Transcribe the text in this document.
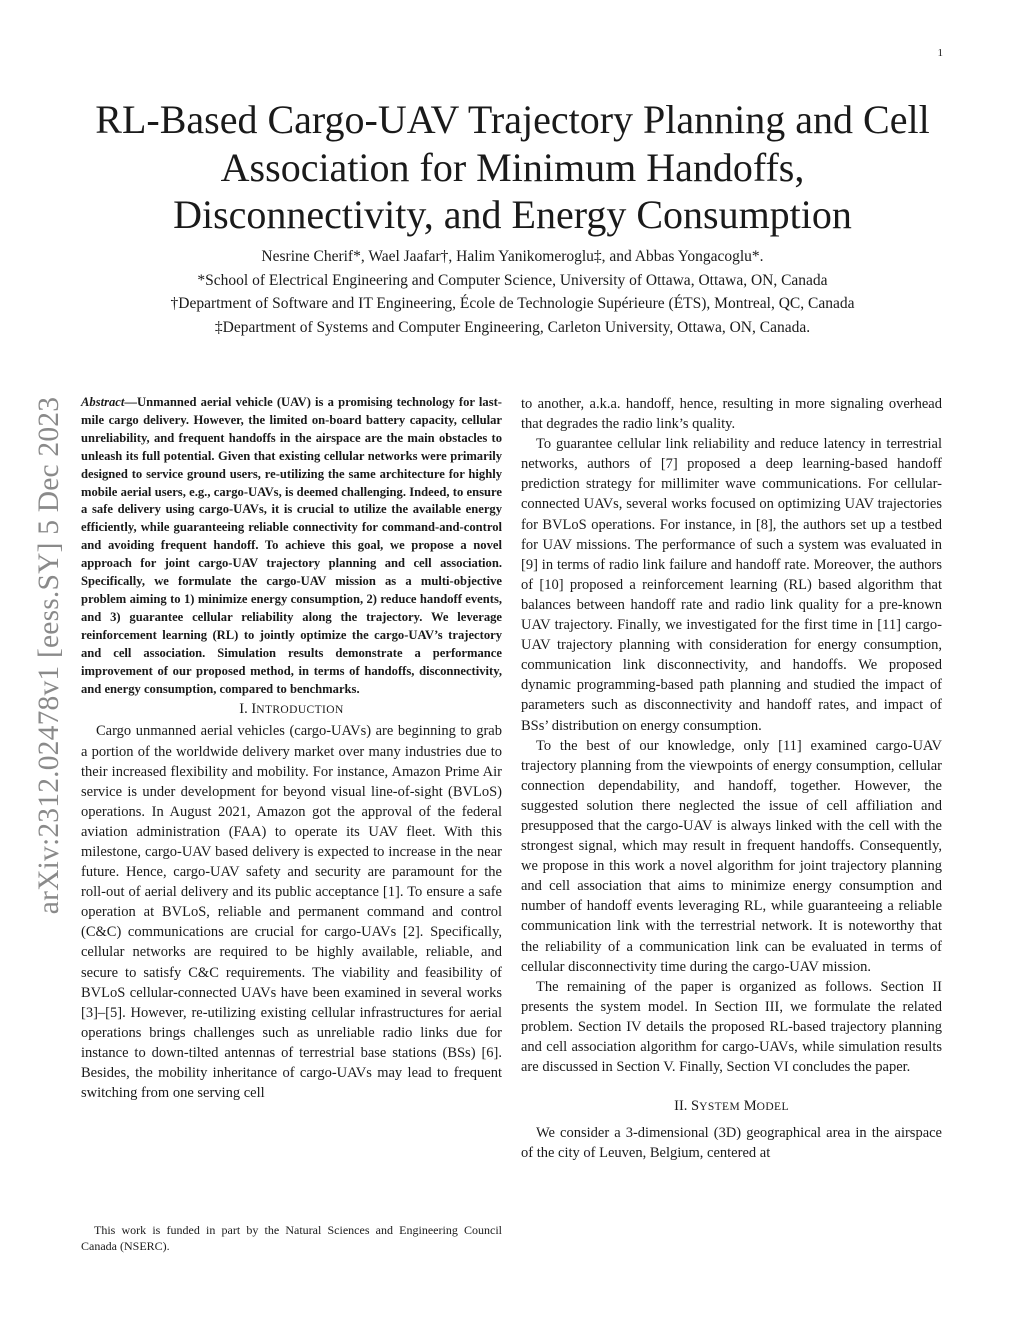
1
arXiv:2312.02478v1 [eess.SY] 5 Dec 2023
RL-Based Cargo-UAV Trajectory Planning and Cell
Association for Minimum Handoffs,
Disconnectivity, and Energy Consumption
Nesrine Cherif*, Wael Jaafar†, Halim Yanikomeroglu‡, and Abbas Yongacoglu*.
*School of Electrical Engineering and Computer Science, University of Ottawa, Ottawa, ON, Canada
†Department of Software and IT Engineering, École de Technologie Supérieure (ÉTS), Montreal, QC, Canada
‡Department of Systems and Computer Engineering, Carleton University, Ottawa, ON, Canada.

Abstract—Unmanned aerial vehicle (UAV) is a promising technology for last-mile cargo delivery. However, the limited on-board battery capacity, cellular unreliability, and frequent handoffs in the airspace are the main obstacles to unleash its full potential. Given that existing cellular networks were primarily designed to service ground users, re-utilizing the same architecture for highly mobile aerial users, e.g., cargo-UAVs, is deemed challenging. Indeed, to ensure a safe delivery using cargo-UAVs, it is crucial to utilize the available energy efficiently, while guaranteeing reliable connectivity for command-and-control and avoiding frequent handoff. To achieve this goal, we propose a novel approach for joint cargo-UAV trajectory planning and cell association. Specifically, we formulate the cargo-UAV mission as a multi-objective problem aiming to 1) minimize energy consumption, 2) reduce handoff events, and 3) guarantee cellular reliability along the trajectory. We leverage reinforcement learning (RL) to jointly optimize the cargo-UAV’s trajectory and cell association. Simulation results demonstrate a performance improvement of our proposed method, in terms of handoffs, disconnectivity, and energy consumption, compared to benchmarks.

I. INTRODUCTION

Cargo unmanned aerial vehicles (cargo-UAVs) are beginning to grab a portion of the worldwide delivery market over many industries due to their increased flexibility and mobility. For instance, Amazon Prime Air service is under development for beyond visual line-of-sight (BVLoS) operations. In August 2021, Amazon got the approval of the federal aviation administration (FAA) to operate its UAV fleet. With this milestone, cargo-UAV based delivery is expected to increase in the near future. Hence, cargo-UAV safety and security are paramount for the roll-out of aerial delivery and its public acceptance [1]. To ensure a safe operation at BVLoS, reliable and permanent command and control (C&C) communications are crucial for cargo-UAVs [2]. Specifically, cellular networks are required to be highly available, reliable, and secure to satisfy C&C requirements. The viability and feasibility of BVLoS cellular-connected UAVs have been examined in several works [3]–[5]. However, re-utilizing existing cellular infrastructures for aerial operations brings challenges such as unreliable radio links due for instance to down-tilted antennas of terrestrial base stations (BSs) [6]. Besides, the mobility inheritance of cargo-UAVs may lead to frequent switching from one serving cell

to another, a.k.a. handoff, hence, resulting in more signaling overhead that degrades the radio link’s quality.

To guarantee cellular link reliability and reduce latency in terrestrial networks, authors of [7] proposed a deep learning-based handoff prediction strategy for millimiter wave communications. For cellular-connected UAVs, several works focused on optimizing UAV trajectories for BVLoS operations. For instance, in [8], the authors set up a testbed for UAV missions. The performance of such a system was evaluated in [9] in terms of radio link failure and handoff rate. Moreover, the authors of [10] proposed a reinforcement learning (RL) based algorithm that balances between handoff rate and radio link quality for a pre-known UAV trajectory. Finally, we investigated for the first time in [11] cargo-UAV trajectory planning with consideration for energy consumption, communication link disconnectivity, and handoffs. We proposed dynamic programming-based path planning and studied the impact of parameters such as disconnectivity and handoff rates, and impact of BSs’ distribution on energy consumption.

To the best of our knowledge, only [11] examined cargo-UAV trajectory planning from the viewpoints of energy consumption, cellular connection dependability, and handoff, together. However, the suggested solution there neglected the issue of cell affiliation and presupposed that the cargo-UAV is always linked with the cell with the strongest signal, which may result in frequent handoffs. Consequently, we propose in this work a novel algorithm for joint trajectory planning and cell association that aims to minimize energy consumption and number of handoff events leveraging RL, while guaranteeing a reliable communication link with the terrestrial network. It is noteworthy that the reliability of a communication link can be evaluated in terms of cellular disconnectivity time during the cargo-UAV mission.

The remaining of the paper is organized as follows. Section II presents the system model. In Section III, we formulate the related problem. Section IV details the proposed RL-based trajectory planning and cell association algorithm for cargo-UAVs, while simulation results are discussed in Section V. Finally, Section VI concludes the paper.

II. SYSTEM MODEL

We consider a 3-dimensional (3D) geographical area in the airspace of the city of Leuven, Belgium, centered at

This work is funded in part by the Natural Sciences and Engineering Council Canada (NSERC).
